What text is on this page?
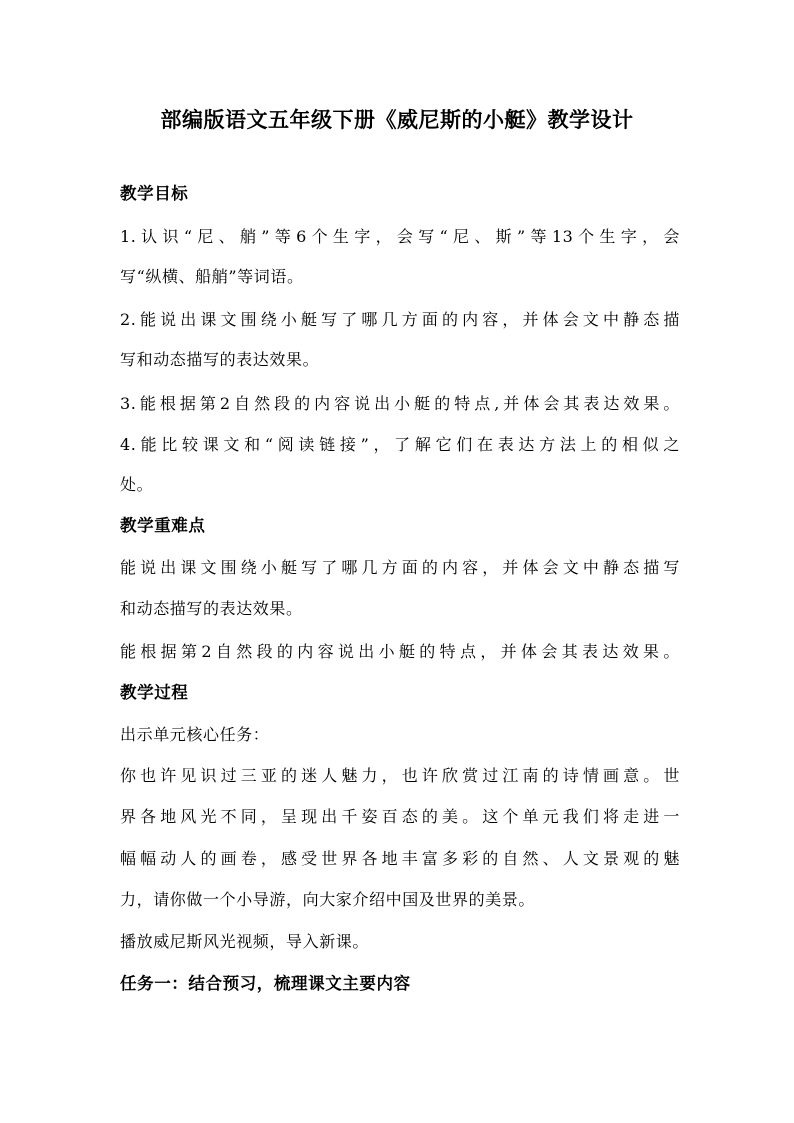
部编版语文五年级下册《威尼斯的小艇》教学设计
教学目标
1.认识“尼、艄”等6个生字，会写“尼、斯”等13个生字，会
写“纵横、船艄”等词语。
2.能说出课文围绕小艇写了哪几方面的内容，并体会文中静态描
写和动态描写的表达效果。
3.能根据第2自然段的内容说出小艇的特点,并体会其表达效果。
4.能比较课文和“阅读链接”，了解它们在表达方法上的相似之
处。
教学重难点
能说出课文围绕小艇写了哪几方面的内容，并体会文中静态描写
和动态描写的表达效果。
能根据第2自然段的内容说出小艇的特点，并体会其表达效果。
教学过程
出示单元核心任务：
你也许见识过三亚的迷人魅力，也许欣赏过江南的诗情画意。世
界各地风光不同，呈现出千姿百态的美。这个单元我们将走进一
幅幅动人的画卷，感受世界各地丰富多彩的自然、人文景观的魅
力，请你做一个小导游，向大家介绍中国及世界的美景。
播放威尼斯风光视频，导入新课。
任务一：结合预习，梳理课文主要内容
